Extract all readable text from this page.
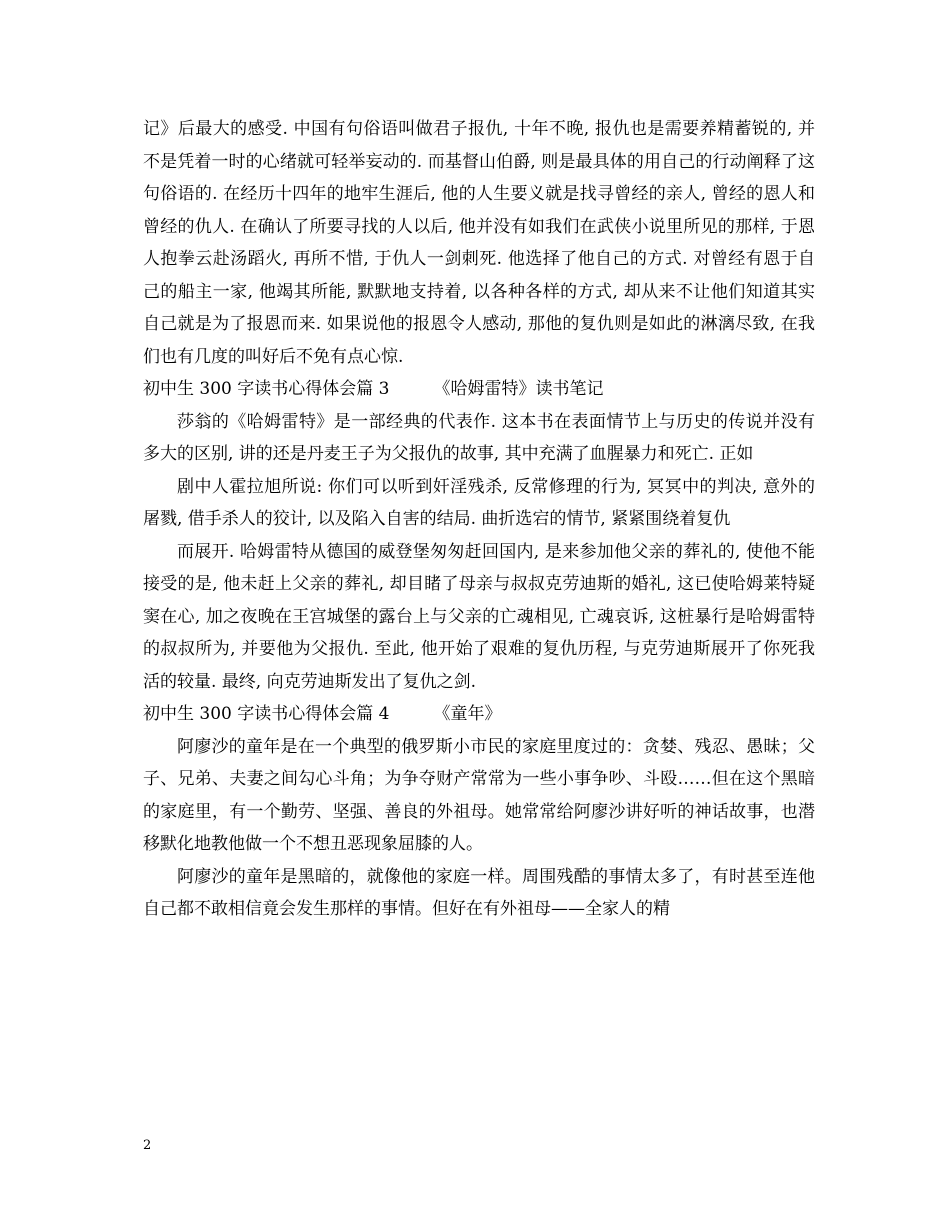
记》后最大的感受. 中国有句俗语叫做君子报仇, 十年不晚, 报仇也是需要养精蓄锐的, 并不是凭着一时的心绪就可轻举妄动的. 而基督山伯爵, 则是最具体的用自己的行动阐释了这句俗语的. 在经历十四年的地牢生涯后, 他的人生要义就是找寻曾经的亲人, 曾经的恩人和曾经的仇人. 在确认了所要寻找的人以后, 他并没有如我们在武侠小说里所见的那样, 于恩人抱拳云赴汤蹈火, 再所不惜, 于仇人一剑刺死. 他选择了他自己的方式. 对曾经有恩于自己的船主一家, 他竭其所能, 默默地支持着, 以各种各样的方式, 却从来不让他们知道其实自己就是为了报恩而来. 如果说他的报恩令人感动, 那他的复仇则是如此的淋漓尽致, 在我们也有几度的叫好后不免有点心惊.

初中生 300 字读书心得体会篇 3	《哈姆雷特》读书笔记

莎翁的《哈姆雷特》是一部经典的代表作. 这本书在表面情节上与历史的传说并没有多大的区别, 讲的还是丹麦王子为父报仇的故事, 其中充满了血腥暴力和死亡. 正如

剧中人霍拉旭所说: 你们可以听到奸淫残杀, 反常修理的行为, 冥冥中的判决, 意外的屠戮, 借手杀人的狡计, 以及陷入自害的结局. 曲折选宕的情节, 紧紧围绕着复仇

而展开. 哈姆雷特从德国的威登堡匆匆赶回国内, 是来参加他父亲的葬礼的, 使他不能接受的是, 他未赶上父亲的葬礼, 却目睹了母亲与叔叔克劳迪斯的婚礼, 这已使哈姆莱特疑窦在心, 加之夜晚在王宫城堡的露台上与父亲的亡魂相见, 亡魂哀诉, 这桩暴行是哈姆雷特的叔叔所为, 并要他为父报仇. 至此, 他开始了艰难的复仇历程, 与克劳迪斯展开了你死我活的较量. 最终, 向克劳迪斯发出了复仇之剑.

初中生 300 字读书心得体会篇 4	《童年》

阿廖沙的童年是在一个典型的俄罗斯小市民的家庭里度过的：贪婪、残忍、愚昧；父子、兄弟、夫妻之间勾心斗角；为争夺财产常常为一些小事争吵、斗殴……但在这个黑暗的家庭里，有一个勤劳、坚强、善良的外祖母。她常常给阿廖沙讲好听的神话故事，也潜移默化地教他做一个不想丑恶现象屈膝的人。

阿廖沙的童年是黑暗的，就像他的家庭一样。周围残酷的事情太多了，有时甚至连他自己都不敢相信竟会发生那样的事情。但好在有外祖母——全家人的精

2
